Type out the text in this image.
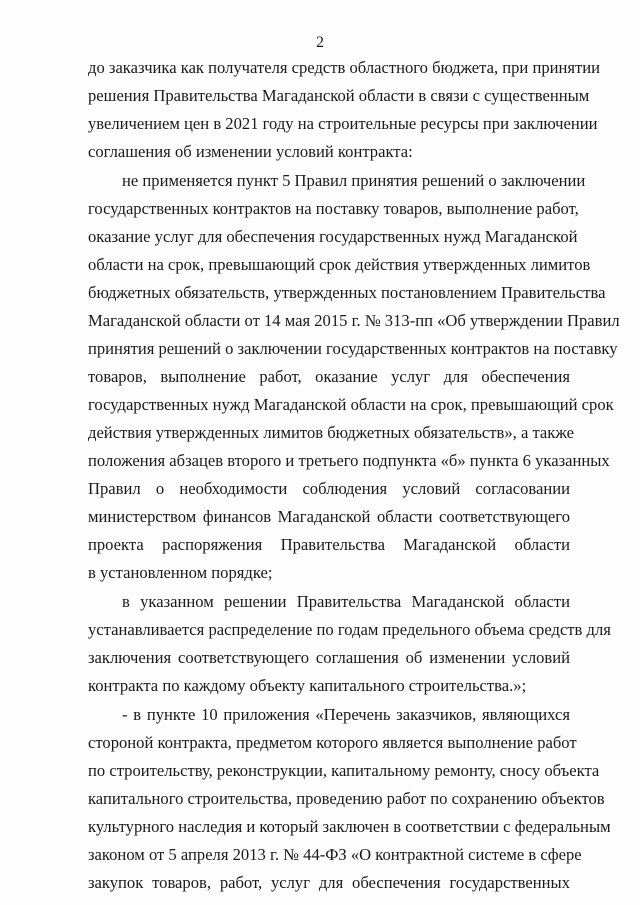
2
до заказчика как получателя средств областного бюджета, при принятии
решения Правительства Магаданской области в связи с существенным
увеличением цен в 2021 году на строительные ресурсы при заключении
соглашения об изменении условий контракта:
не применяется пункт 5 Правил принятия решений о заключении
государственных контрактов на поставку товаров, выполнение работ,
оказание услуг для обеспечения государственных нужд Магаданской
области на срок, превышающий срок действия утвержденных лимитов
бюджетных обязательств, утвержденных постановлением Правительства
Магаданской области от 14 мая 2015 г. № 313-пп «Об утверждении Правил
принятия решений о заключении государственных контрактов на поставку
товаров, выполнение работ, оказание услуг для обеспечения
государственных нужд Магаданской области на срок, превышающий срок
действия утвержденных лимитов бюджетных обязательств», а также
положения абзацев второго и третьего подпункта «б» пункта 6 указанных
Правил о необходимости соблюдения условий согласовании
министерством финансов Магаданской области соответствующего
проекта распоряжения Правительства Магаданской области
в установленном порядке;
в указанном решении Правительства Магаданской области
устанавливается распределение по годам предельного объема средств для
заключения соответствующего соглашения об изменении условий
контракта по каждому объекту капитального строительства.»;
- в пункте 10 приложения «Перечень заказчиков, являющихся
стороной контракта, предметом которого является выполнение работ
по строительству, реконструкции, капитальному ремонту, сносу объекта
капитального строительства, проведению работ по сохранению объектов
культурного наследия и который заключен в соответствии с федеральным
законом от 5 апреля 2013 г. № 44-ФЗ «О контрактной системе в сфере
закупок товаров, работ, услуг для обеспечения государственных
